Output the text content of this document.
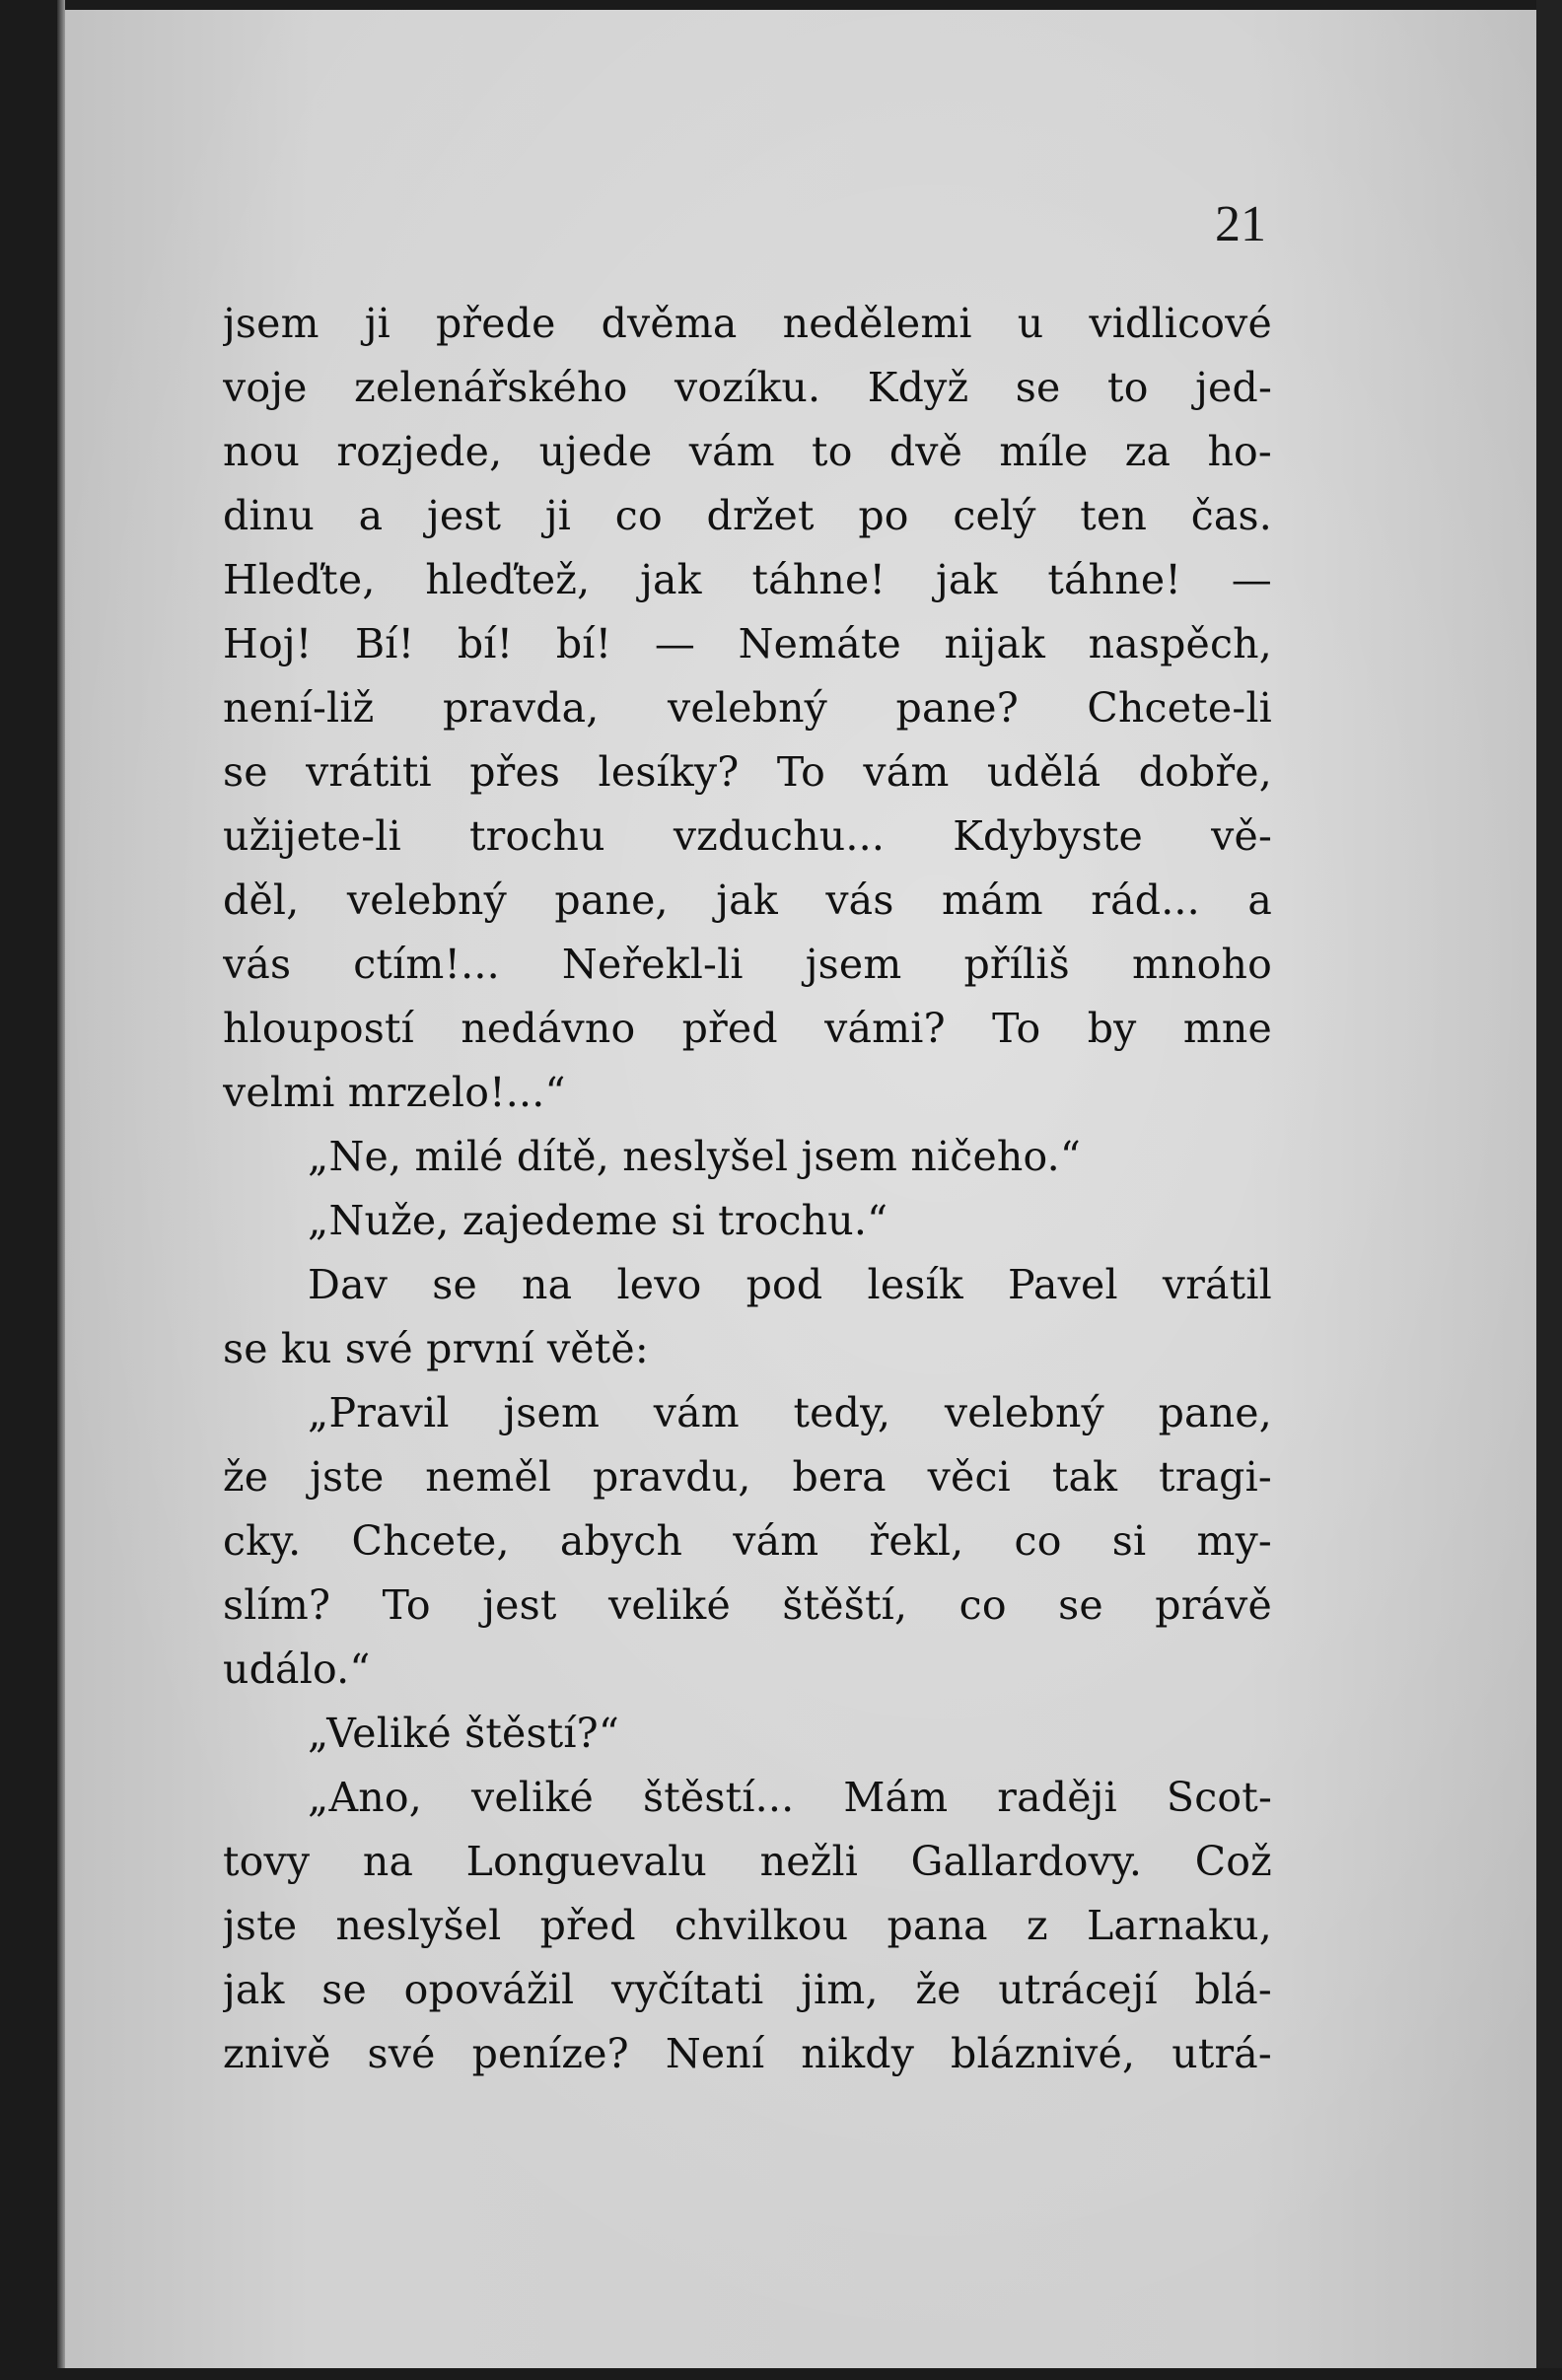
21
jsem ji přede dvěma nedělemi u vidlicové
voje zelenářského vozíku. Když se to jed-
nou rozjede, ujede vám to dvě míle za ho-
dinu a jest ji co držet po celý ten čas.
Hleďte, hleďtež, jak táhne! jak táhne! —
Hoj! Bí! bí! bí! — Nemáte nijak naspěch,
není-liž pravda, velebný pane? Chcete-li
se vrátiti přes lesíky? To vám udělá dobře,
užijete-li trochu vzduchu... Kdybyste vě-
děl, velebný pane, jak vás mám rád... a
vás ctím!... Neřekl-li jsem příliš mnoho
hloupostí nedávno před vámi? To by mne
velmi mrzelo!...“
„Ne, milé dítě, neslyšel jsem ničeho.“
„Nuže, zajedeme si trochu.“
Dav se na levo pod lesík Pavel vrátil
se ku své první větě:
„Pravil jsem vám tedy, velebný pane,
že jste neměl pravdu, bera věci tak tragi-
cky. Chcete, abych vám řekl, co si my-
slím? To jest veliké štěští, co se právě
událo.“
„Veliké štěstí?“
„Ano, veliké štěstí... Mám raději Scot-
tovy na Longuevalu nežli Gallardovy. Což
jste neslyšel před chvilkou pana z Larnaku,
jak se opovážil vyčítati jim, že utrácejí blá-
znivě své peníze? Není nikdy bláznivé, utrá-
